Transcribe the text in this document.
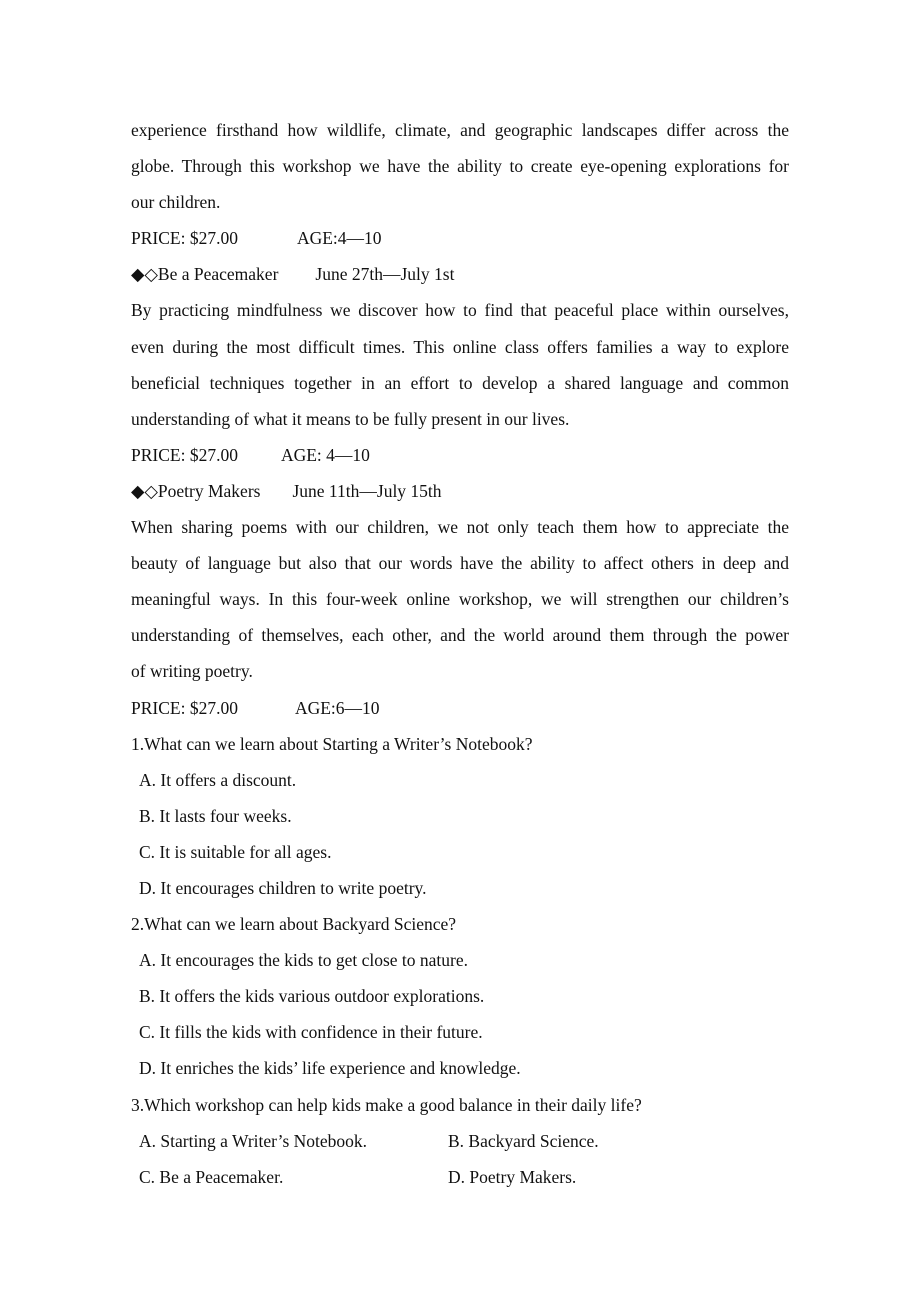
experience firsthand how wildlife, climate, and geographic landscapes differ across the
globe. Through this workshop we have the ability to create eye-opening explorations for
our children.
PRICE: $27.00	AGE:4—10
◆◇Be a Peacemaker June 27th—July 1st
By practicing mindfulness we discover how to find that peaceful place within ourselves,
even during the most difficult times. This online class offers families a way to explore
beneficial techniques together in an effort to develop a shared language and common
understanding of what it means to be fully present in our lives.
PRICE: $27.00 AGE: 4—10
◆◇Poetry Makers June 11th—July 15th
When sharing poems with our children, we not only teach them how to appreciate the
beauty of language but also that our words have the ability to affect others in deep and
meaningful ways. In this four-week online workshop, we will strengthen our children’s
understanding of themselves, each other, and the world around them through the power
of writing poetry.
PRICE: $27.00	AGE:6—10
1.What can we learn about Starting a Writer’s Notebook?
A. It offers a discount.
B. It lasts four weeks.
C. It is suitable for all ages.
D. It encourages children to write poetry.
2.What can we learn about Backyard Science?
A. It encourages the kids to get close to nature.
B. It offers the kids various outdoor explorations.
C. It fills the kids with confidence in their future.
D. It enriches the kids’ life experience and knowledge.
3.Which workshop can help kids make a good balance in their daily life?
A. Starting a Writer’s Notebook.	B. Backyard Science.
C. Be a Peacemaker.	D. Poetry Makers.
